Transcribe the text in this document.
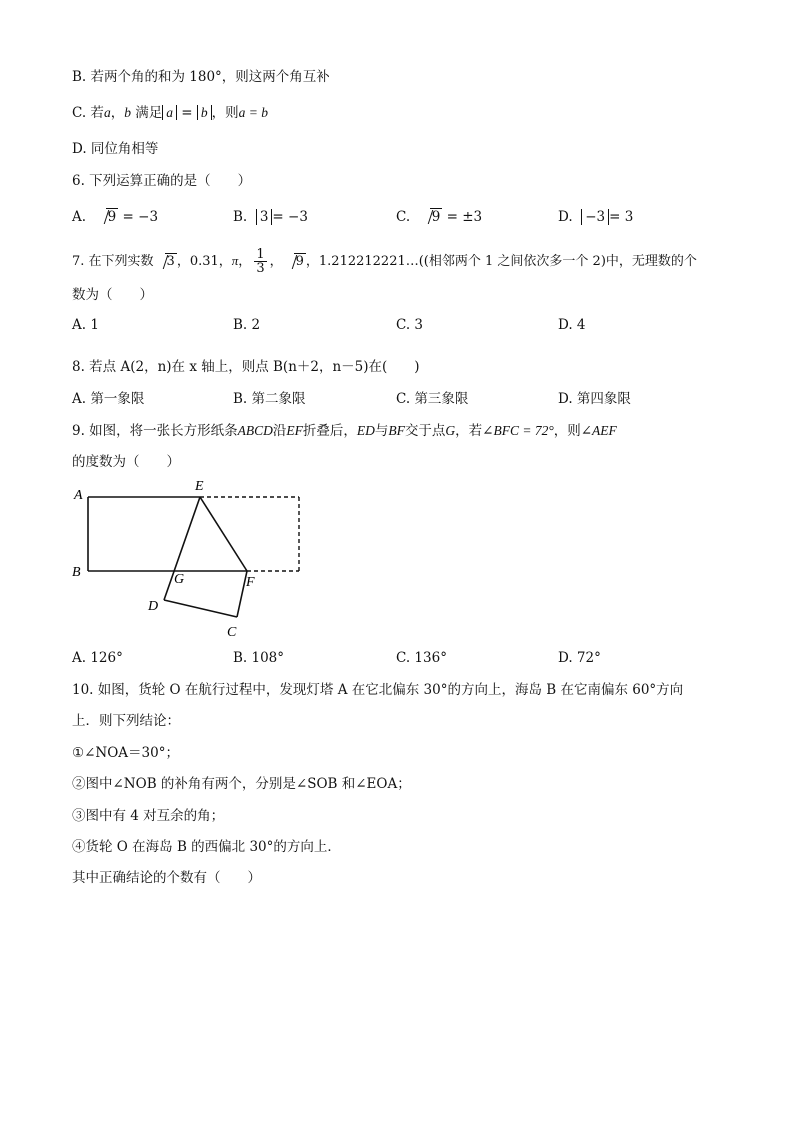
B. 若两个角的和为 180°，则这两个角互补
C. 若a，b 满足 a = b ，则a = b
D. 同位角相等
6. 下列运算正确的是（　　）
A. 9 = −3	B. 3 = −3	C. 9 = ±3	D. −3 = 3
7. 在下列实数 3 ，0.31，π， $\frac{1}{3}$ ， 9 ，1.212212221…((相邻两个 1 之间依次多一个 2)中，无理数的个
数为（　　）
A. 1	B. 2	C. 3	D. 4
8. 若点 A(2，n)在 x 轴上，则点 B(n＋2，n－5)在(　　)
A. 第一象限	B. 第二象限	C. 第三象限	D. 第四象限
9. 如图，将一张长方形纸条ABCD沿EF折叠后，ED与BF交于点G，若∠BFC = 72°，则∠AEF
的度数为（　　）
A
B
E
F
G
D
C
A. 126°	B. 108°	C. 136°	D. 72°
10. 如图，货轮 O 在航行过程中，发现灯塔 A 在它北偏东 30°的方向上，海岛 B 在它南偏东 60°方向
上．则下列结论：
①∠NOA＝30°；
②图中∠NOB 的补角有两个，分别是∠SOB 和∠EOA；
③图中有 4 对互余的角；
④货轮 O 在海岛 B 的西偏北 30°的方向上．
其中正确结论的个数有（　　）
